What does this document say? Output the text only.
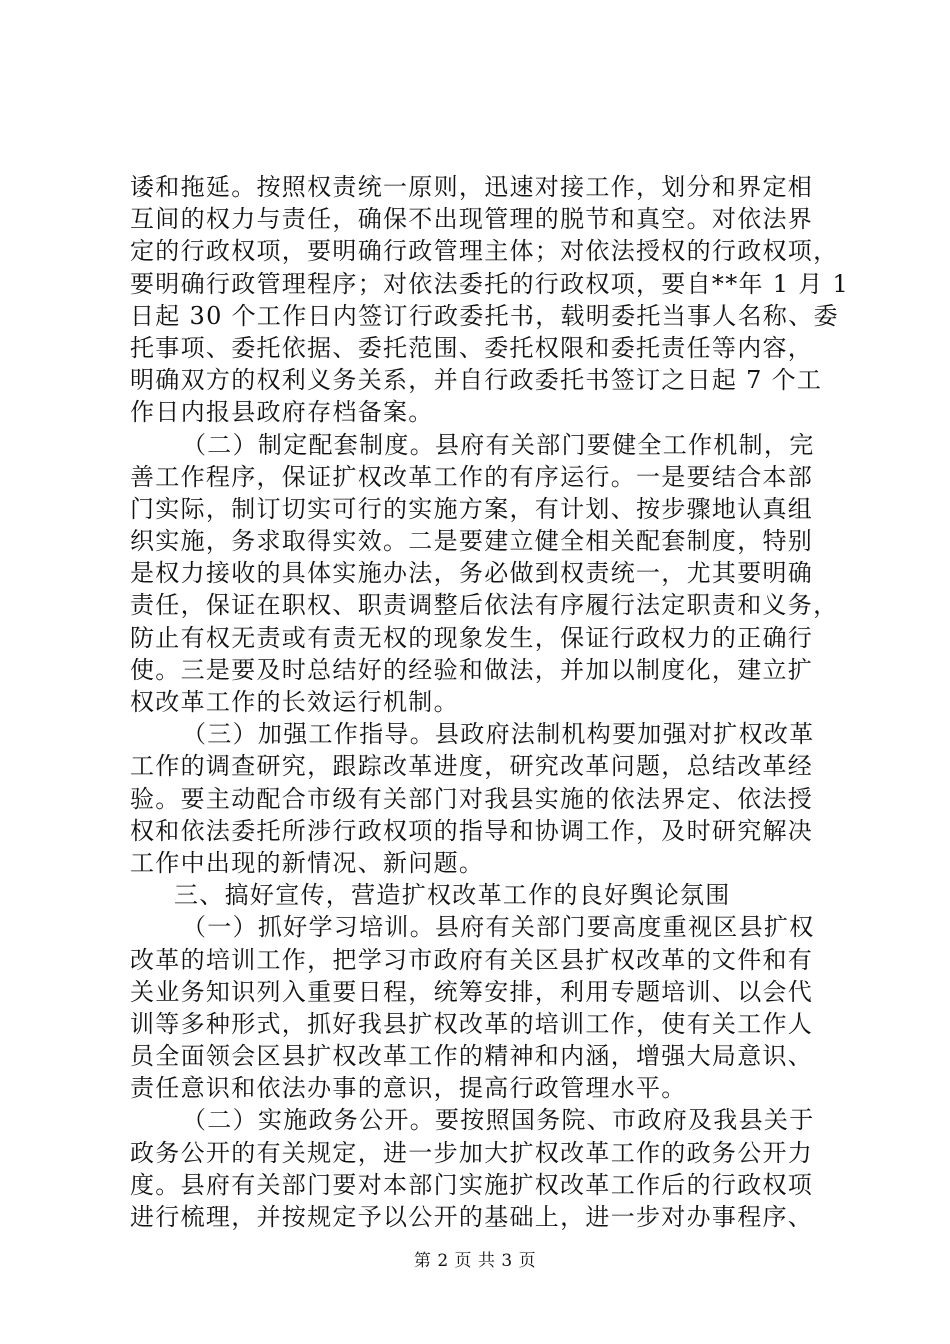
诿和拖延。按照权责统一原则，迅速对接工作，划分和界定相
互间的权力与责任，确保不出现管理的脱节和真空。对依法界
定的行政权项，要明确行政管理主体；对依法授权的行政权项，
要明确行政管理程序；对依法委托的行政权项，要自**年 1 月 1
日起 30 个工作日内签订行政委托书，载明委托当事人名称、委
托事项、委托依据、委托范围、委托权限和委托责任等内容，
明确双方的权利义务关系，并自行政委托书签订之日起 7 个工
作日内报县政府存档备案。
（二）制定配套制度。县府有关部门要健全工作机制，完
善工作程序，保证扩权改革工作的有序运行。一是要结合本部
门实际，制订切实可行的实施方案，有计划、按步骤地认真组
织实施，务求取得实效。二是要建立健全相关配套制度，特别
是权力接收的具体实施办法，务必做到权责统一，尤其要明确
责任，保证在职权、职责调整后依法有序履行法定职责和义务，
防止有权无责或有责无权的现象发生，保证行政权力的正确行
使。三是要及时总结好的经验和做法，并加以制度化，建立扩
权改革工作的长效运行机制。
（三）加强工作指导。县政府法制机构要加强对扩权改革
工作的调查研究，跟踪改革进度，研究改革问题，总结改革经
验。要主动配合市级有关部门对我县实施的依法界定、依法授
权和依法委托所涉行政权项的指导和协调工作，及时研究解决
工作中出现的新情况、新问题。
三、搞好宣传，营造扩权改革工作的良好舆论氛围
（一）抓好学习培训。县府有关部门要高度重视区县扩权
改革的培训工作，把学习市政府有关区县扩权改革的文件和有
关业务知识列入重要日程，统筹安排，利用专题培训、以会代
训等多种形式，抓好我县扩权改革的培训工作，使有关工作人
员全面领会区县扩权改革工作的精神和内涵，增强大局意识、
责任意识和依法办事的意识，提高行政管理水平。
（二）实施政务公开。要按照国务院、市政府及我县关于
政务公开的有关规定，进一步加大扩权改革工作的政务公开力
度。县府有关部门要对本部门实施扩权改革工作后的行政权项
进行梳理，并按规定予以公开的基础上，进一步对办事程序、
第 2 页 共 3 页
